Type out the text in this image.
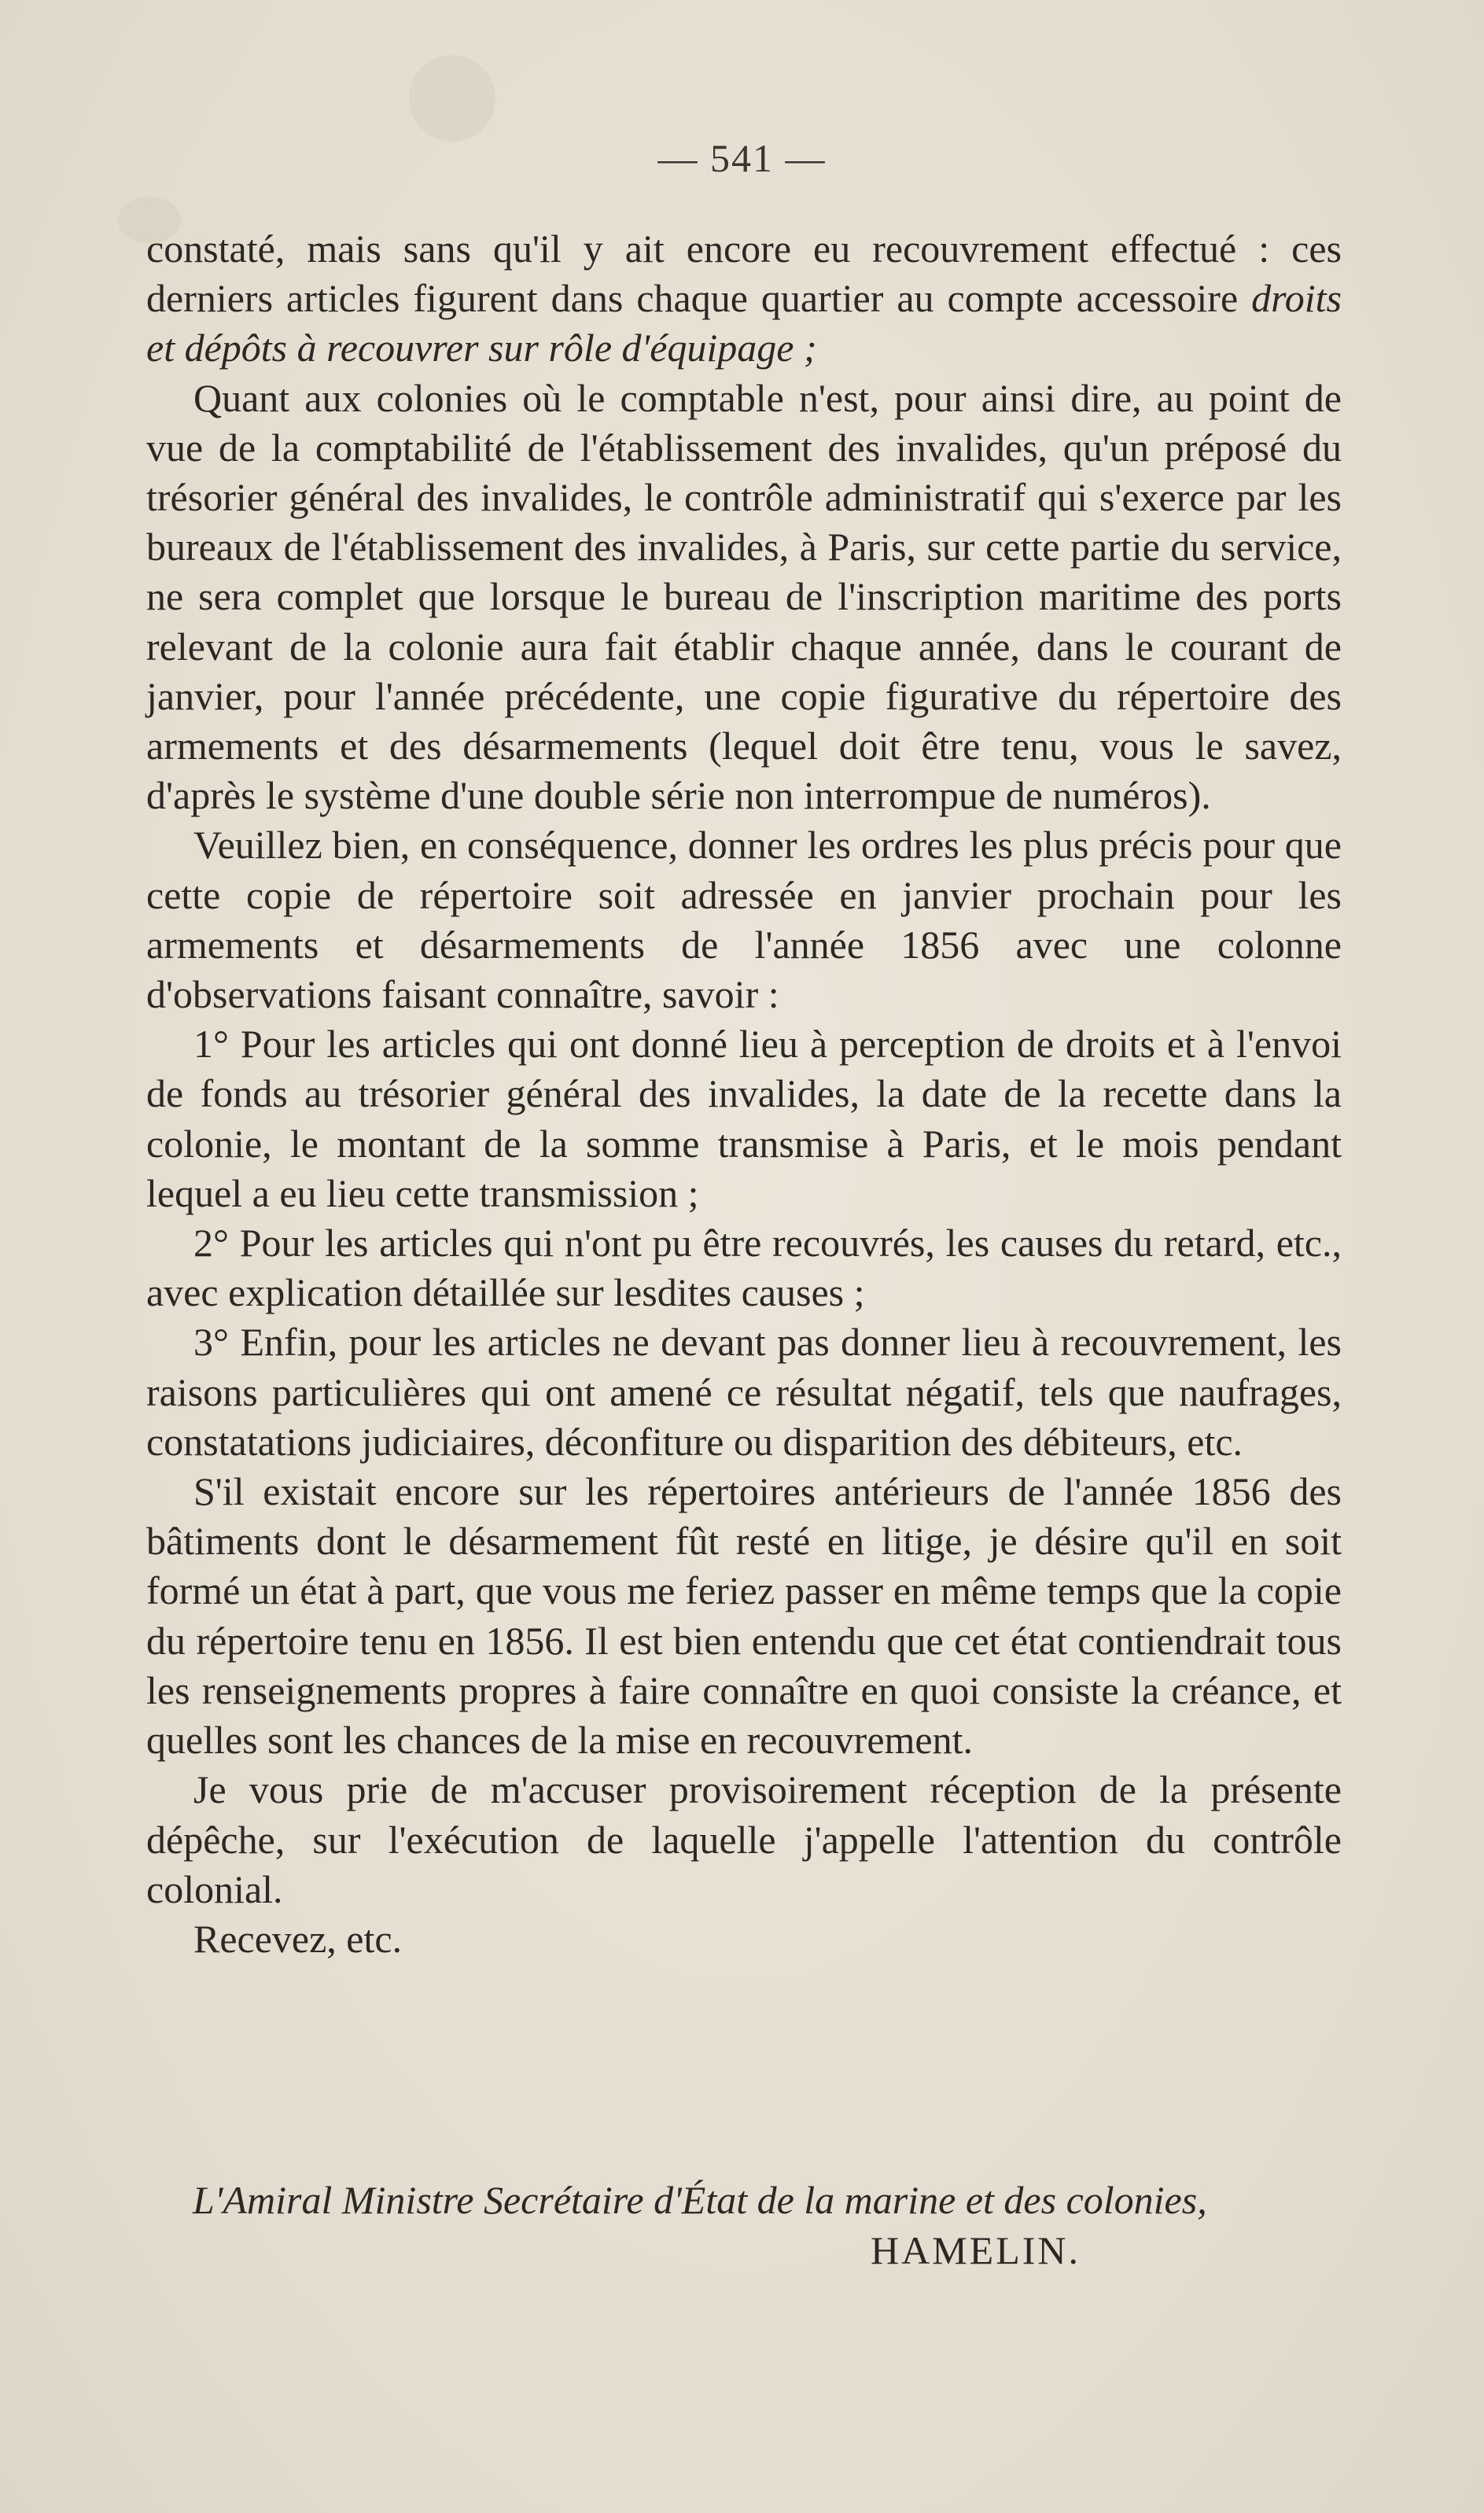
— 541 —

constaté, mais sans qu'il y ait encore eu recouvrement effectué : ces derniers articles figurent dans chaque quartier au compte accessoire droits et dépôts à recouvrer sur rôle d'équipage ;

Quant aux colonies où le comptable n'est, pour ainsi dire, au point de vue de la comptabilité de l'établissement des invalides, qu'un préposé du trésorier général des invalides, le contrôle administratif qui s'exerce par les bureaux de l'établissement des invalides, à Paris, sur cette partie du service, ne sera complet que lorsque le bureau de l'inscription maritime des ports relevant de la colonie aura fait établir chaque année, dans le courant de janvier, pour l'année précédente, une copie figurative du répertoire des armements et des désarmements (lequel doit être tenu, vous le savez, d'après le système d'une double série non interrompue de numéros).

Veuillez bien, en conséquence, donner les ordres les plus précis pour que cette copie de répertoire soit adressée en janvier prochain pour les armements et désarmements de l'année 1856 avec une colonne d'observations faisant connaître, savoir :

1° Pour les articles qui ont donné lieu à perception de droits et à l'envoi de fonds au trésorier général des invalides, la date de la recette dans la colonie, le montant de la somme transmise à Paris, et le mois pendant lequel a eu lieu cette transmission ;

2° Pour les articles qui n'ont pu être recouvrés, les causes du retard, etc., avec explication détaillée sur lesdites causes ;

3° Enfin, pour les articles ne devant pas donner lieu à recouvrement, les raisons particulières qui ont amené ce résultat négatif, tels que naufrages, constatations judiciaires, déconfiture ou disparition des débiteurs, etc.

S'il existait encore sur les répertoires antérieurs de l'année 1856 des bâtiments dont le désarmement fût resté en litige, je désire qu'il en soit formé un état à part, que vous me feriez passer en même temps que la copie du répertoire tenu en 1856. Il est bien entendu que cet état contiendrait tous les renseignements propres à faire connaître en quoi consiste la créance, et quelles sont les chances de la mise en recouvrement.

Je vous prie de m'accuser provisoirement réception de la présente dépêche, sur l'exécution de laquelle j'appelle l'attention du contrôle colonial.

Recevez, etc.

L'Amiral Ministre Secrétaire d'État de la marine et des colonies,
HAMELIN.
